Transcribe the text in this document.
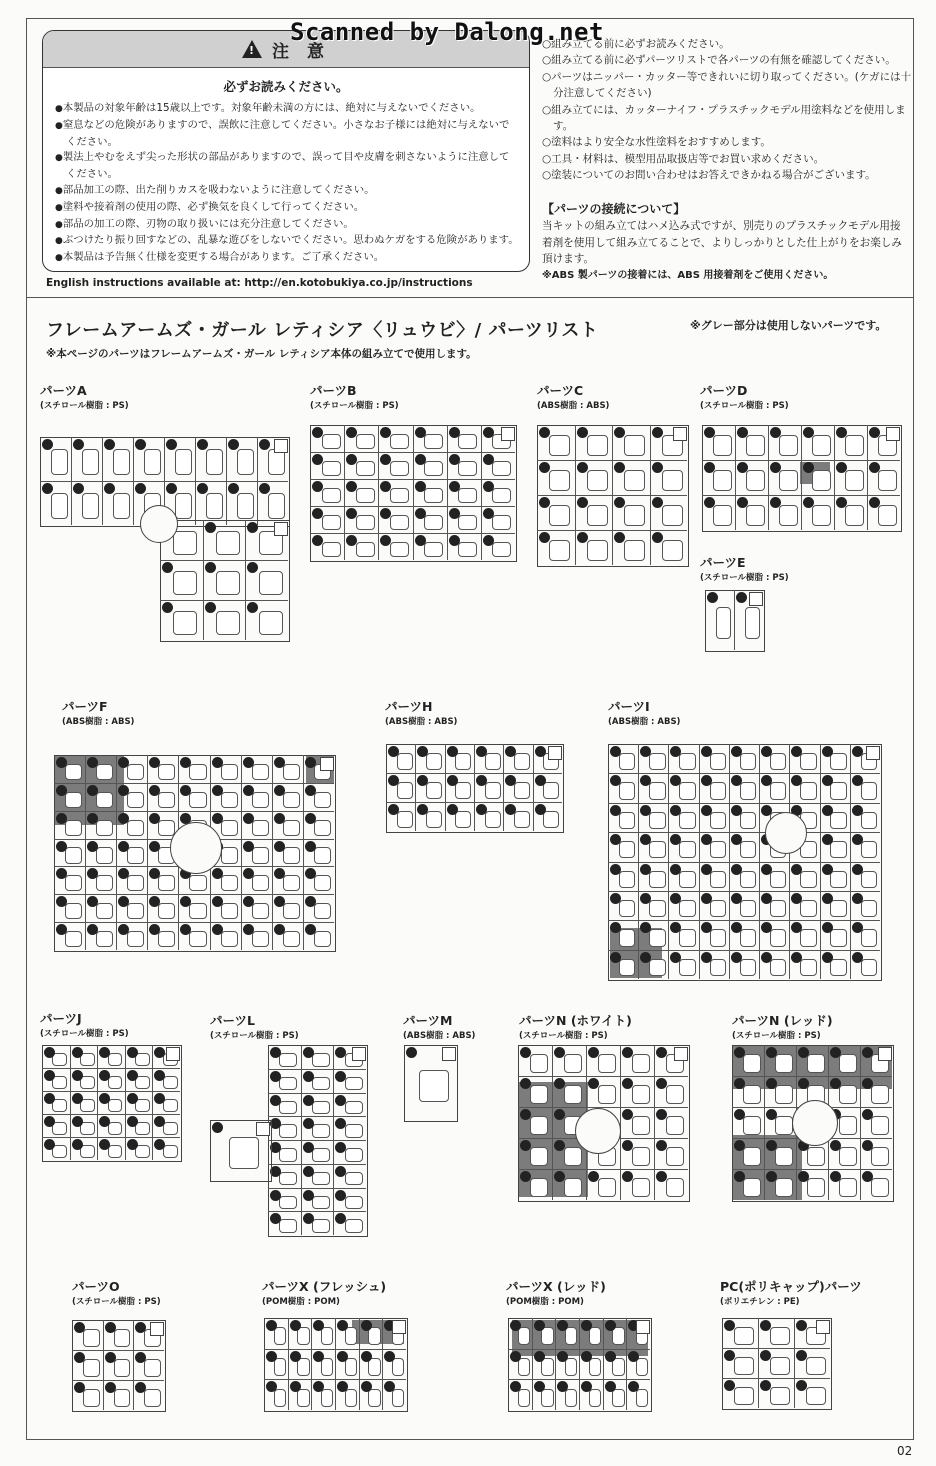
! 注 意
必ずお読みください。
● 本製品の対象年齢は15歳以上です。対象年齢未満の方には、絶対に与えないでください。
● 窒息などの危険がありますので、誤飲に注意してください。小さなお子様には絶対に与えないでください。
● 製法上やむをえず尖った形状の部品がありますので、誤って目や皮膚を刺さないように注意してください。
● 部品加工の際、出た削りカスを吸わないように注意してください。
● 塗料や接着剤の使用の際、必ず換気を良くして行ってください。
● 部品の加工の際、刃物の取り扱いには充分注意してください。
● ぶつけたり振り回すなどの、乱暴な遊びをしないでください。思わぬケガをする危険があります。
● 本製品は予告無く仕様を変更する場合があります。ご了承ください。
English instructions available at: http://en.kotobukiya.co.jp/instructions
○ 組み立てる前に必ずお読みください。
○ 組み立てる前に必ずパーツリストで各パーツの有無を確認してください。
○ パーツはニッパー・カッター等できれいに切り取ってください。(ケガには十分注意してください)
○ 組み立てには、カッターナイフ・プラスチックモデル用塗料などを使用します。
○ 塗料はより安全な水性塗料をおすすめします。
○ 工具・材料は、模型用品取扱店等でお買い求めください。
○ 塗装についてのお問い合わせはお答えできかねる場合がございます。
【パーツの接続について】
当キットの組み立てはハメ込み式ですが、別売りのプラスチックモデル用接着剤を使用して組み立てることで、よりしっかりとした仕上がりをお楽しみ頂けます。
※ABS 製パーツの接着には、ABS 用接着剤をご使用ください。
Scanned by Dalong.net
フレームアームズ・ガール レティシア〈リュウビ〉/ パーツリスト	※グレー部分は使用しないパーツです。
※本ページのパーツはフレームアームズ・ガール レティシア本体の組み立てで使用します。
パーツA
(スチロール樹脂 : PS)
パーツB
(スチロール樹脂 : PS)
パーツC
(ABS樹脂 : ABS)
パーツD
(スチロール樹脂 : PS)
パーツE
(スチロール樹脂 : PS)
パーツF
(ABS樹脂 : ABS)
パーツH
(ABS樹脂 : ABS)
パーツI
(ABS樹脂 : ABS)
パーツJ
(スチロール樹脂 : PS)
パーツL
(スチロール樹脂 : PS)
パーツM
(ABS樹脂 : ABS)
パーツN (ホワイト)
(スチロール樹脂 : PS)
パーツN (レッド)
(スチロール樹脂 : PS)
パーツO
(スチロール樹脂 : PS)
パーツX (フレッシュ)
(POM樹脂 : POM)
パーツX (レッド)
(POM樹脂 : POM)
PC(ポリキャップ)パーツ
(ポリエチレン : PE)
02
